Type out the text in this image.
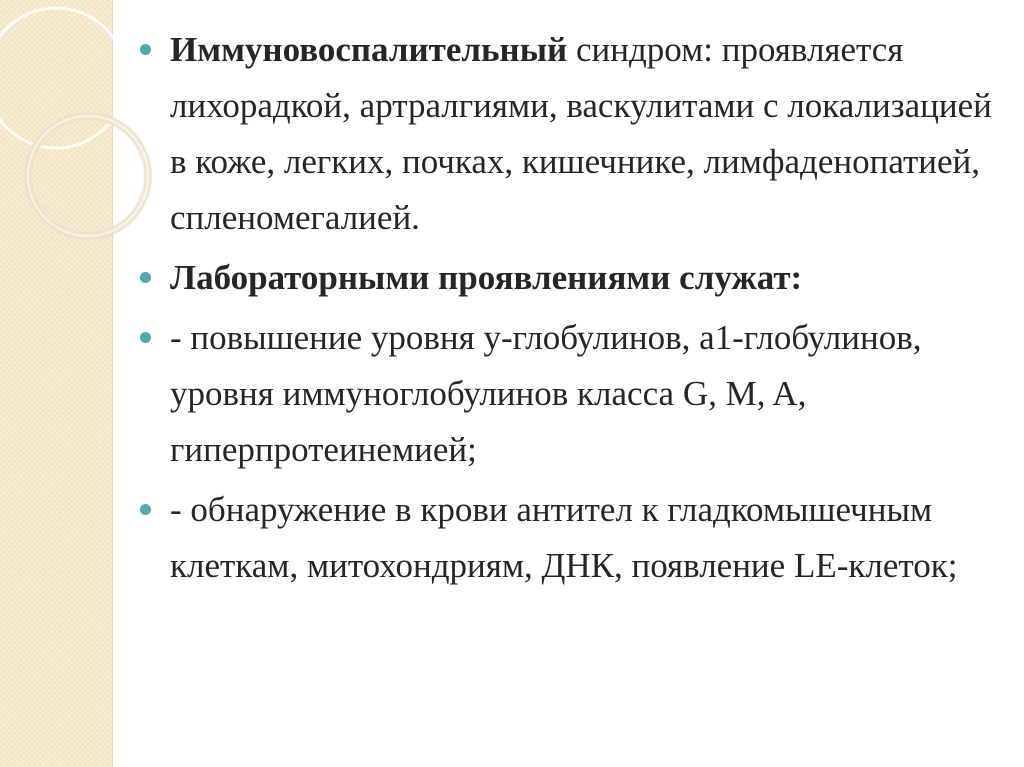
Иммуновоспалительный синдром: проявляется лихорадкой, артралгиями, васкулитами с локализацией в коже, легких, почках, кишечнике, лимфаденопатией, спленомегалией.
Лабораторными проявлениями служат:
- повышение уровня у-глобулинов, а1-глобулинов, уровня иммуноглобулинов класса G, M, A, гиперпротеинемией;
- обнаружение в крови антител к гладкомышечным клеткам, митохондриям, ДНК, появление LE-клеток;
